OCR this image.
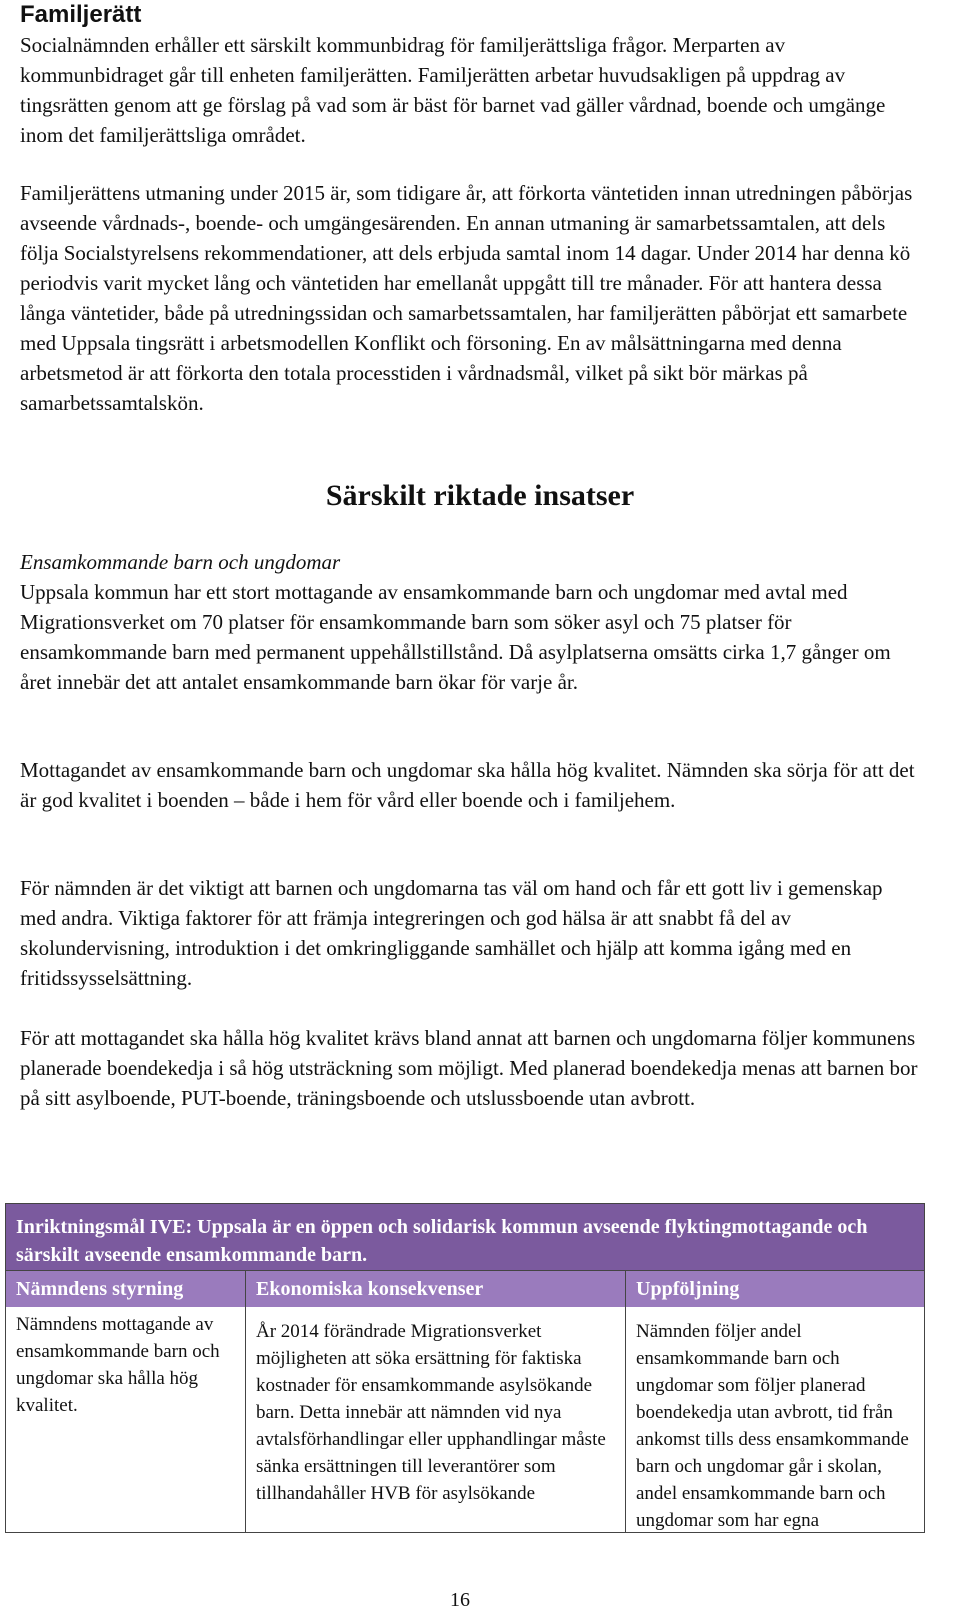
Familjerätt

Socialnämnden erhåller ett särskilt kommunbidrag för familjerättsliga frågor. Merparten av kommunbidraget går till enheten familjerätten. Familjerätten arbetar huvudsakligen på uppdrag av tingsrätten genom att ge förslag på vad som är bäst för barnet vad gäller vårdnad, boende och umgänge inom det familjerättsliga området.

Familjerättens utmaning under 2015 är, som tidigare år, att förkorta väntetiden innan utredningen påbörjas avseende vårdnads-, boende- och umgängesärenden. En annan utmaning är samarbetssamtalen, att dels följa Socialstyrelsens rekommendationer, att dels erbjuda samtal inom 14 dagar. Under 2014 har denna kö periodvis varit mycket lång och väntetiden har emellanåt uppgått till tre månader. För att hantera dessa långa väntetider, både på utredningssidan och samarbetssamtalen, har familjerätten påbörjat ett samarbete med Uppsala tingsrätt i arbetsmodellen Konflikt och försoning. En av målsättningarna med denna arbetsmetod är att förkorta den totala processtiden i vårdnadsmål, vilket på sikt bör märkas på samarbetssamtalskön.

Särskilt riktade insatser

Ensamkommande barn och ungdomar

Uppsala kommun har ett stort mottagande av ensamkommande barn och ungdomar med avtal med Migrationsverket om 70 platser för ensamkommande barn som söker asyl och 75 platser för ensamkommande barn med permanent uppehållstillstånd. Då asylplatserna omsätts cirka 1,7 gånger om året innebär det att antalet ensamkommande barn ökar för varje år.

Mottagandet av ensamkommande barn och ungdomar ska hålla hög kvalitet. Nämnden ska sörja för att det är god kvalitet i boenden – både i hem för vård eller boende och i familjehem.

För nämnden är det viktigt att barnen och ungdomarna tas väl om hand och får ett gott liv i gemenskap med andra. Viktiga faktorer för att främja integreringen och god hälsa är att snabbt få del av skolundervisning, introduktion i det omkringliggande samhället och hjälp att komma igång med en fritidssysselsättning.

För att mottagandet ska hålla hög kvalitet krävs bland annat att barnen och ungdomarna följer kommunens planerade boendekedja i så hög utsträckning som möjligt. Med planerad boendekedja menas att barnen bor på sitt asylboende, PUT-boende, träningsboende och utslussboende utan avbrott.

Inriktningsmål IVE: Uppsala är en öppen och solidarisk kommun avseende flyktingmottagande och särskilt avseende ensamkommande barn.
Nämndens styrning	Ekonomiska konsekvenser	Uppföljning
Nämndens mottagande av ensamkommande barn och ungdomar ska hålla hög kvalitet.
År 2014 förändrade Migrationsverket möjligheten att söka ersättning för faktiska kostnader för ensamkommande asylsökande barn. Detta innebär att nämnden vid nya avtalsförhandlingar eller upphandlingar måste sänka ersättningen till leverantörer som tillhandahåller HVB för asylsökande
Nämnden följer andel ensamkommande barn och ungdomar som följer planerad boendekedja utan avbrott, tid från ankomst tills dess ensamkommande barn och ungdomar går i skolan, andel ensamkommande barn och ungdomar som har egna
16
